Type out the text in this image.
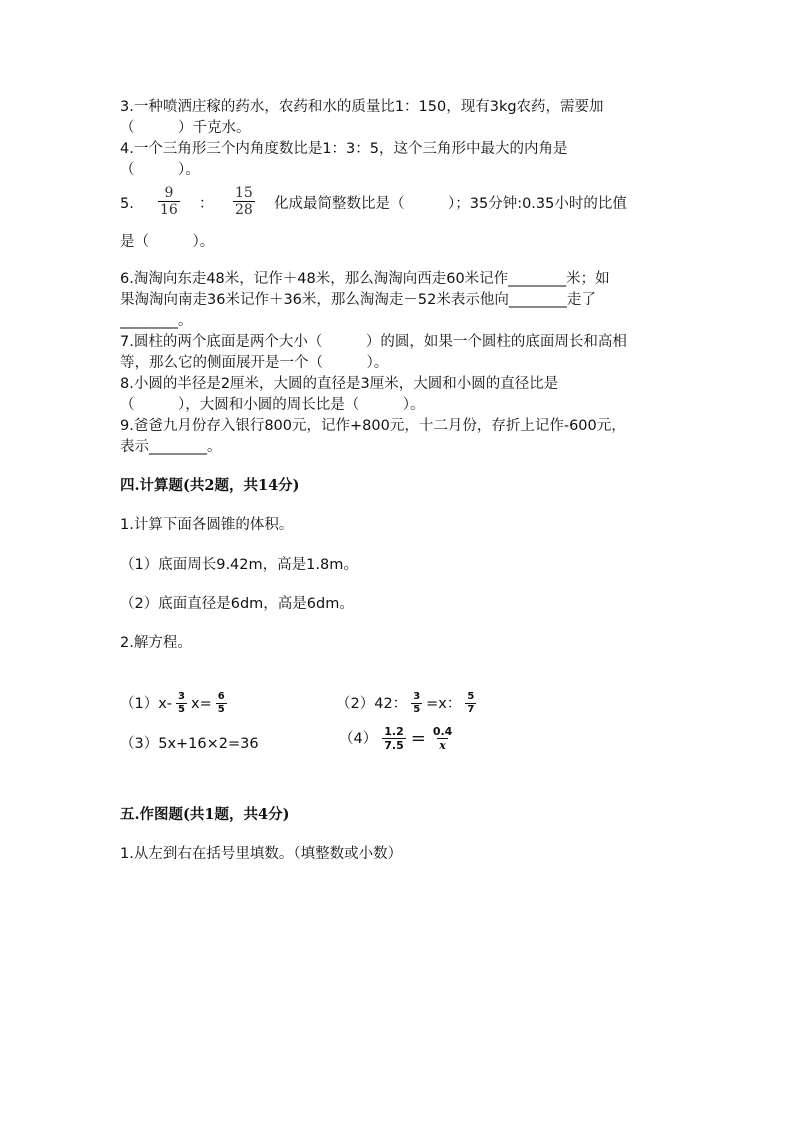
3.一种喷洒庄稼的药水，农药和水的质量比1：150，现有3kg农药，需要加
（　　　）千克水。
4.一个三角形三个内角度数比是1：3：5，这个三角形中最大的内角是
（　　　）。
5. $\frac{9}{16}$ ： $\frac{15}{28}$ 化成最简整数比是（　　　）；35分钟:0.35小时的比值
是（　　　）。
6.淘淘向东走48米，记作＋48米，那么淘淘向西走60米记作________米；如
果淘淘向南走36米记作＋36米，那么淘淘走－52米表示他向________走了
________。
7.圆柱的两个底面是两个大小（　　　）的圆，如果一个圆柱的底面周长和高相
等，那么它的侧面展开是一个（　　　）。
8.小圆的半径是2厘米，大圆的直径是3厘米，大圆和小圆的直径比是
（　　　），大圆和小圆的周长比是（　　　）。
9.爸爸九月份存入银行800元，记作+800元，十二月份，存折上记作-600元，
表示________。
四.计算题(共2题，共14分)
1.计算下面各圆锥的体积。
（1）底面周长9.42m，高是1.8m。
（2）底面直径是6dm，高是6dm。
2.解方程。
$(1)x- \frac{3}{5} x= \frac{6}{5}$	（2）42： $\frac{3}{5} =x$： $\frac{5}{7}$
（3）5x+16×2=36	$(4) \frac{1.2}{7.5} = \frac{0.4}{x}$
五.作图题(共1题，共4分)
1.从左到右在括号里填数。（填整数或小数）
